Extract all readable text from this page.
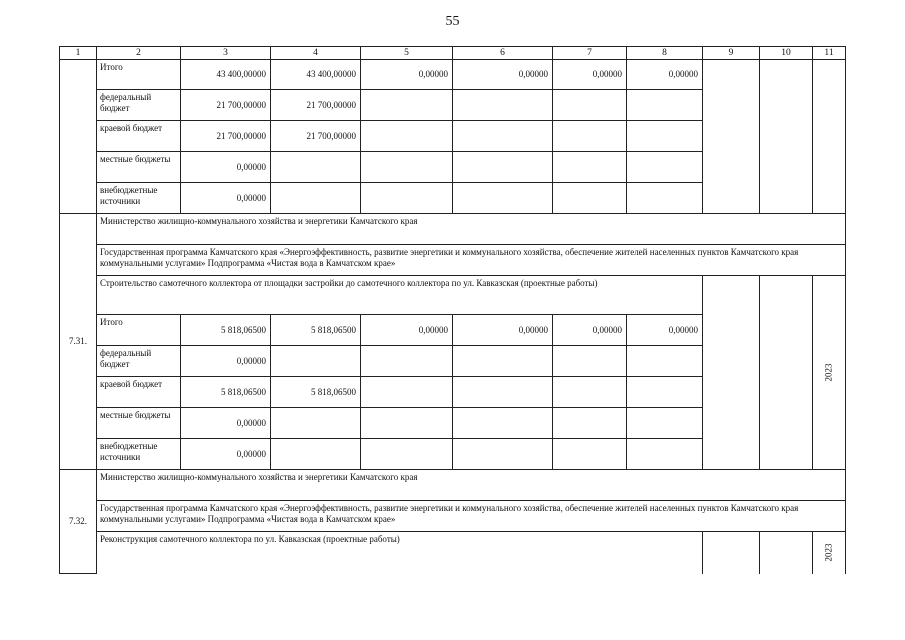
55
1	2	3	4	5	6	7	8	9	10	11
	Итого	43 400,00000	43 400,00000	0,00000	0,00000	0,00000	0,00000			
	федеральный бюджет	21 700,00000	21 700,00000							
	краевой бюджет	21 700,00000	21 700,00000							
	местные бюджеты	0,00000								
	внебюджетные источники	0,00000								
7.31.	Министерство жилищно-коммунального хозяйства и энергетики Камчатского края									
	Государственная программа Камчатского края «Энергоэффективность, развитие энергетики и коммунального хозяйства, обеспечение жителей населенных пунктов Камчатского края коммунальными услугами» Подпрограмма «Чистая вода в Камчатском крае»									
	Строительство самотечного коллектора от площадки застройки до самотечного коллектора по ул. Кавказская (проектные работы)									2023
	Итого	5 818,06500	5 818,06500	0,00000	0,00000	0,00000	0,00000			
	федеральный бюджет	0,00000								
	краевой бюджет	5 818,06500	5 818,06500							
	местные бюджеты	0,00000								
	внебюджетные источники	0,00000								
7.32.	Министерство жилищно-коммунального хозяйства и энергетики Камчатского края									
	Государственная программа Камчатского края «Энергоэффективность, развитие энергетики и коммунального хозяйства, обеспечение жителей населенных пунктов Камчатского края коммунальными услугами» Подпрограмма «Чистая вода в Камчатском крае»									
	Реконструкция самотечного коллектора по ул. Кавказская (проектные работы)									2023
